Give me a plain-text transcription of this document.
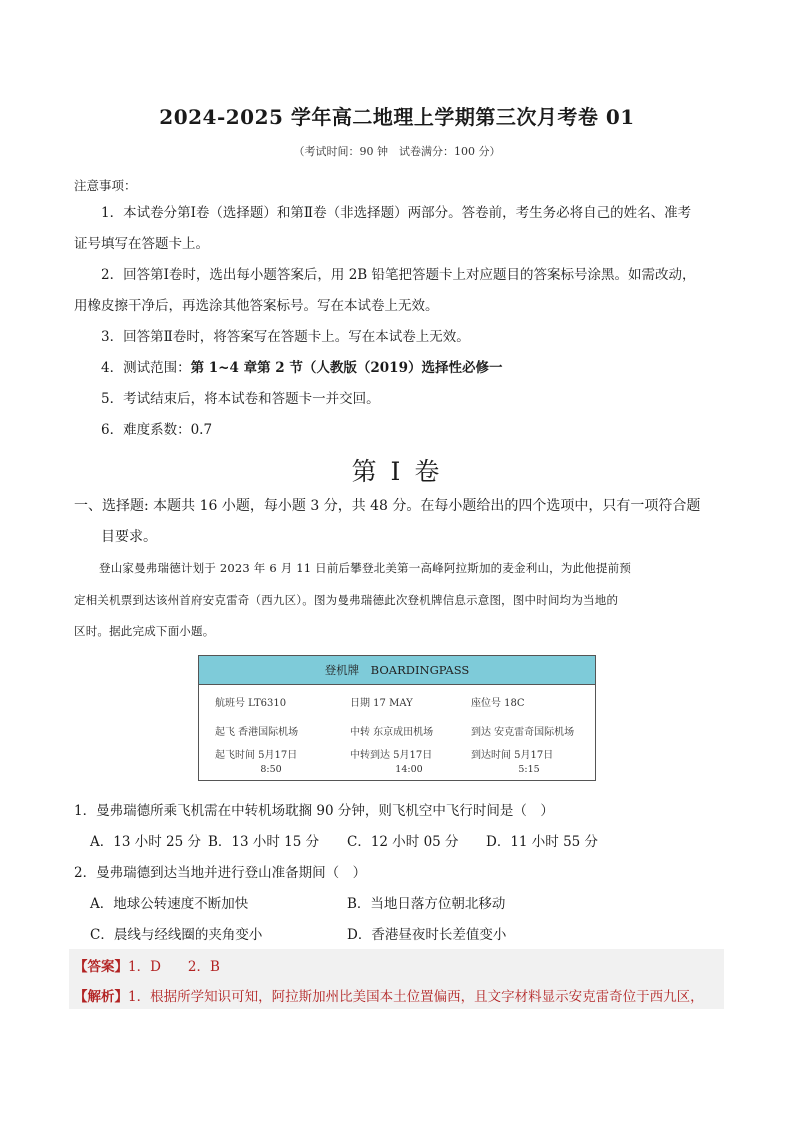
2024-2025 学年高二地理上学期第三次月考卷 01
（考试时间：90 钟　试卷满分：100 分）
注意事项：
1．本试卷分第Ⅰ卷（选择题）和第Ⅱ卷（非选择题）两部分。答卷前，考生务必将自己的姓名、准考
证号填写在答题卡上。
2．回答第Ⅰ卷时，选出每小题答案后，用 2B 铅笔把答题卡上对应题目的答案标号涂黑。如需改动，
用橡皮擦干净后，再选涂其他答案标号。写在本试卷上无效。
3．回答第Ⅱ卷时，将答案写在答题卡上。写在本试卷上无效。
4．测试范围：第 1~4 章第 2 节（人教版（2019）选择性必修一
5．考试结束后，将本试卷和答题卡一并交回。
6．难度系数：0.7
第 I 卷
一、选择题: 本题共 16 小题，每小题 3 分，共 48 分。在每小题给出的四个选项中，只有一项符合题
目要求。
登山家曼弗瑞德计划于 2023 年 6 月 11 日前后攀登北美第一高峰阿拉斯加的麦金利山，为此他提前预
定相关机票到达该州首府安克雷奇（西九区）。图为曼弗瑞德此次登机牌信息示意图，图中时间均为当地的
区时。据此完成下面小题。
登机牌　BOARDINGPASS
航班号 LT6310	日期 17 MAY	座位号 18C
起飞 香港国际机场	中转 东京成田机场	到达 安克雷奇国际机场
起飞时间 5月17日	中转到达 5月17日	到达时间 5月17日
8:50	14:00	5:15
1．曼弗瑞德所乘飞机需在中转机场耽搁 90 分钟，则飞机空中飞行时间是（　）
A．13 小时 25 分 B．13 小时 15 分 C．12 小时 05 分 D．11 小时 55 分
2．曼弗瑞德到达当地并进行登山准备期间（　）
A．地球公转速度不断加快	B．当地日落方位朝北移动
C．晨线与经线圈的夹角变小	D．香港昼夜时长差值变小
【答案】1．D　　2．B
【解析】1．根据所学知识可知，阿拉斯加州比美国本土位置偏西，且文字材料显示安克雷奇位于西九区，
